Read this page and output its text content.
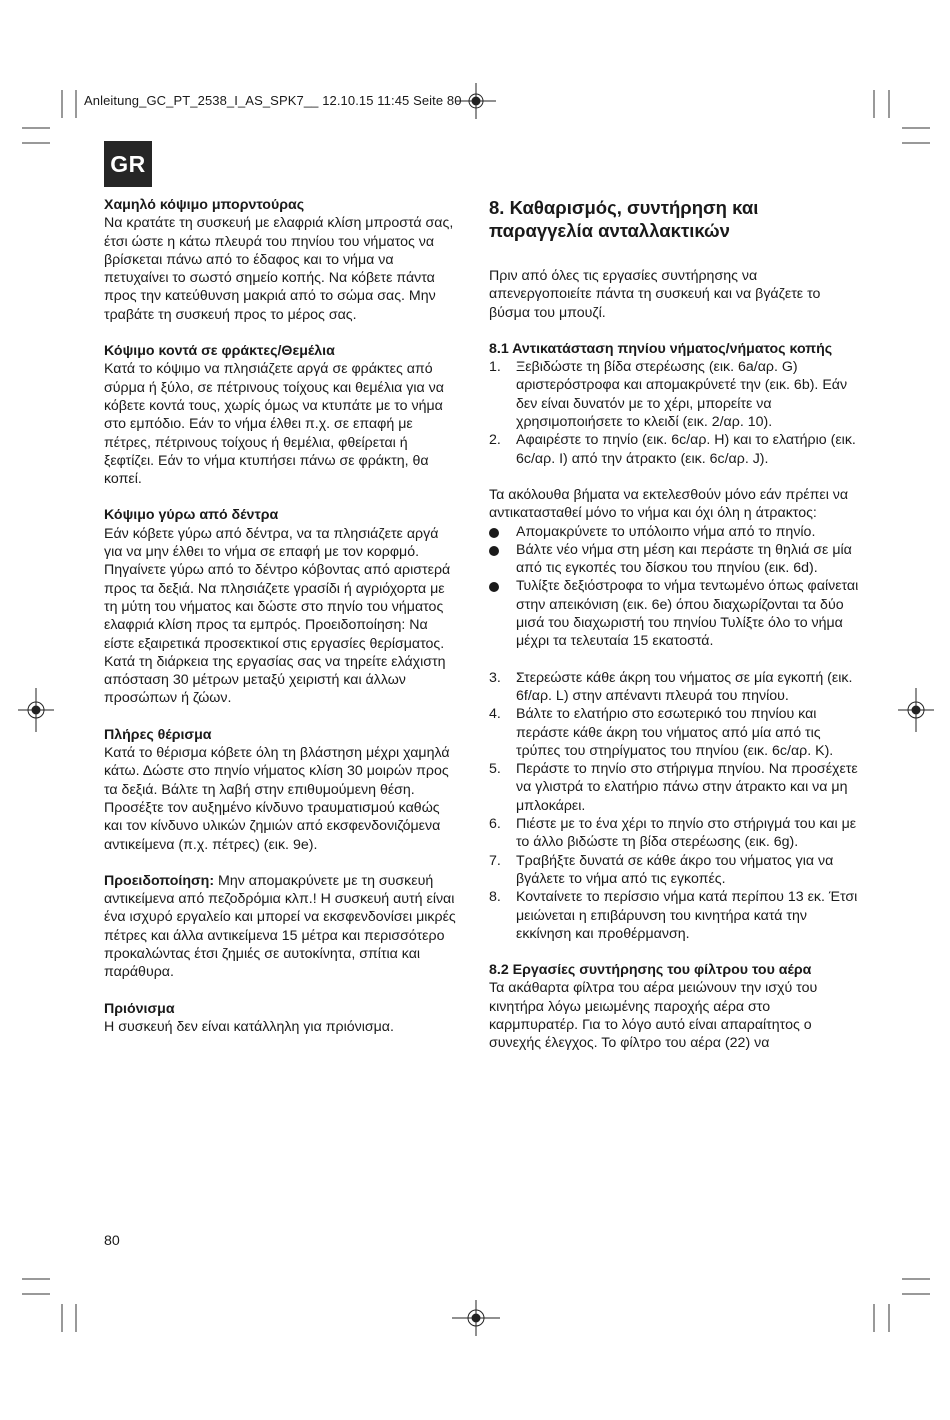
Anleitung_GC_PT_2538_I_AS_SPK7__ 12.10.15 11:45 Seite 80
GR
Χαμηλό κόψιμο μπορντούρας
Να κρατάτε τη συσκευή με ελαφριά κλίση μπροστά σας, έτσι ώστε η κάτω πλευρά του πηνίου του νήματος να βρίσκεται πάνω από το έδαφος και το νήμα να πετυχαίνει το σωστό σημείο κοπής. Να κόβετε πάντα προς την κατεύθυνση μακριά από το σώμα σας. Μην τραβάτε τη συσκευή προς το μέρος σας.
Κόψιμο κοντά σε φράκτες/Θεμέλια
Κατά το κόψιμο να πλησιάζετε αργά σε φράκτες από σύρμα ή ξύλο, σε πέτρινους τοίχους και θεμέλια για να κόβετε κοντά τους, χωρίς όμως να κτυπάτε με το νήμα στο εμπόδιο. Εάν το νήμα έλθει π.χ. σε επαφή με πέτρες, πέτρινους τοίχους ή θεμέλια, φθείρεται ή ξεφτίζει. Εάν το νήμα κτυπήσει πάνω σε φράκτη, θα κοπεί.
Κόψιμο γύρω από δέντρα
Εάν κόβετε γύρω από δέντρα, να τα πλησιάζετε αργά για να μην έλθει το νήμα σε επαφή με τον κορφμό. Πηγαίνετε γύρω από το δέντρο κόβοντας από αριστερά προς τα δεξιά. Να πλησιάζετε γρασίδι ή αγριόχορτα με τη μύτη του νήματος και δώστε στο πηνίο του νήματος ελαφριά κλίση προς τα εμπρός. Προειδοποίηση: Να είστε εξαιρετικά προσεκτικοί στις εργασίες θερίσματος. Κατά τη διάρκεια της εργασίας σας να τηρείτε ελάχιστη απόσταση 30 μέτρων μεταξύ χειριστή και άλλων προσώπων ή ζώων.
Πλήρες θέρισμα
Κατά το θέρισμα κόβετε όλη τη βλάστηση μέχρι χαμηλά κάτω. Δώστε στο πηνίο νήματος κλίση 30 μοιρών προς τα δεξιά. Βάλτε τη λαβή στην επιθυμούμενη θέση. Προσέξτε τον αυξημένο κίνδυνο τραυματισμού καθώς και τον κίνδυνο υλικών ζημιών από εκσφενδονιζόμενα αντικείμενα (π.χ. πέτρες) (εικ. 9e).
Προειδοποίηση: Μην απομακρύνετε με τη συσκευή αντικείμενα από πεζοδρόμια κλπ.! Η συσκευή αυτή είναι ένα ισχυρό εργαλείο και μπορεί να εκσφενδονίσει μικρές πέτρες και άλλα αντικείμενα 15 μέτρα και περισσότερο προκαλώντας έτσι ζημιές σε αυτοκίνητα, σπίτια και παράθυρα.
Πριόνισμα
Η συσκευή δεν είναι κατάλληλη για πριόνισμα.
8. Καθαρισμός, συντήρηση και παραγγελία ανταλλακτικών
Πριν από όλες τις εργασίες συντήρησης να απενεργοποιείτε πάντα τη συσκευή και να βγάζετε το βύσμα του μπουζί.
8.1 Αντικατάσταση πηνίου νήματος/νήματος κοπής
1. Ξεβιδώστε τη βίδα στερέωσης (εικ. 6a/αρ. G) αριστερόστροφα και απομακρύνετέ την (εικ. 6b). Εάν δεν είναι δυνατόν με το χέρι, μπορείτε να χρησιμοποιήσετε το κλειδί (εικ. 2/αρ. 10).
2. Αφαιρέστε το πηνίο (εικ. 6c/αρ. H) και το ελατήριο (εικ. 6c/αρ. I) από την άτρακτο (εικ. 6c/αρ. J).
Τα ακόλουθα βήματα να εκτελεσθούν μόνο εάν πρέπει να αντικατασταθεί μόνο το νήμα και όχι όλη η άτρακτος:
Απομακρύνετε το υπόλοιπο νήμα από το πηνίο.
Βάλτε νέο νήμα στη μέση και περάστε τη θηλιά σε μία από τις εγκοπές του δίσκου του πηνίου (εικ. 6d).
Τυλίξτε δεξιόστροφα το νήμα τεντωμένο όπως φαίνεται στην απεικόνιση (εικ. 6e) όπου διαχωρίζονται τα δύο μισά του διαχωριστή του πηνίου Τυλίξτε όλο το νήμα μέχρι τα τελευταία 15 εκατοστά.
3. Στερεώστε κάθε άκρη του νήματος σε μία εγκοπή (εικ. 6f/αρ. L) στην απέναντι πλευρά του πηνίου.
4. Βάλτε το ελατήριο στο εσωτερικό του πηνίου και περάστε κάθε άκρη του νήματος από μία από τις τρύπες του στηρίγματος του πηνίου (εικ. 6c/αρ. K).
5. Περάστε το πηνίο στο στήριγμα πηνίου. Να προσέχετε να γλιστρά το ελατήριο πάνω στην άτρακτο και να μη μπλοκάρει.
6. Πιέστε με το ένα χέρι το πηνίο στο στήριγμά του και με το άλλο βιδώστε τη βίδα στερέωσης (εικ. 6g).
7. Τραβήξτε δυνατά σε κάθε άκρο του νήματος για να βγάλετε το νήμα από τις εγκοπές.
8. Κονταίνετε το περίσσιο νήμα κατά περίπου 13 εκ. Έτσι μειώνεται η επιβάρυνση του κινητήρα κατά την εκκίνηση και προθέρμανση.
8.2 Εργασίες συντήρησης του φίλτρου του αέρα
Τα ακάθαρτα φίλτρα του αέρα μειώνουν την ισχύ του κινητήρα λόγω μειωμένης παροχής αέρα στο καρμπυρατέρ. Για το λόγο αυτό είναι απαραίτητος ο συνεχής έλεγχος. Το φίλτρο του αέρα (22) να
80
